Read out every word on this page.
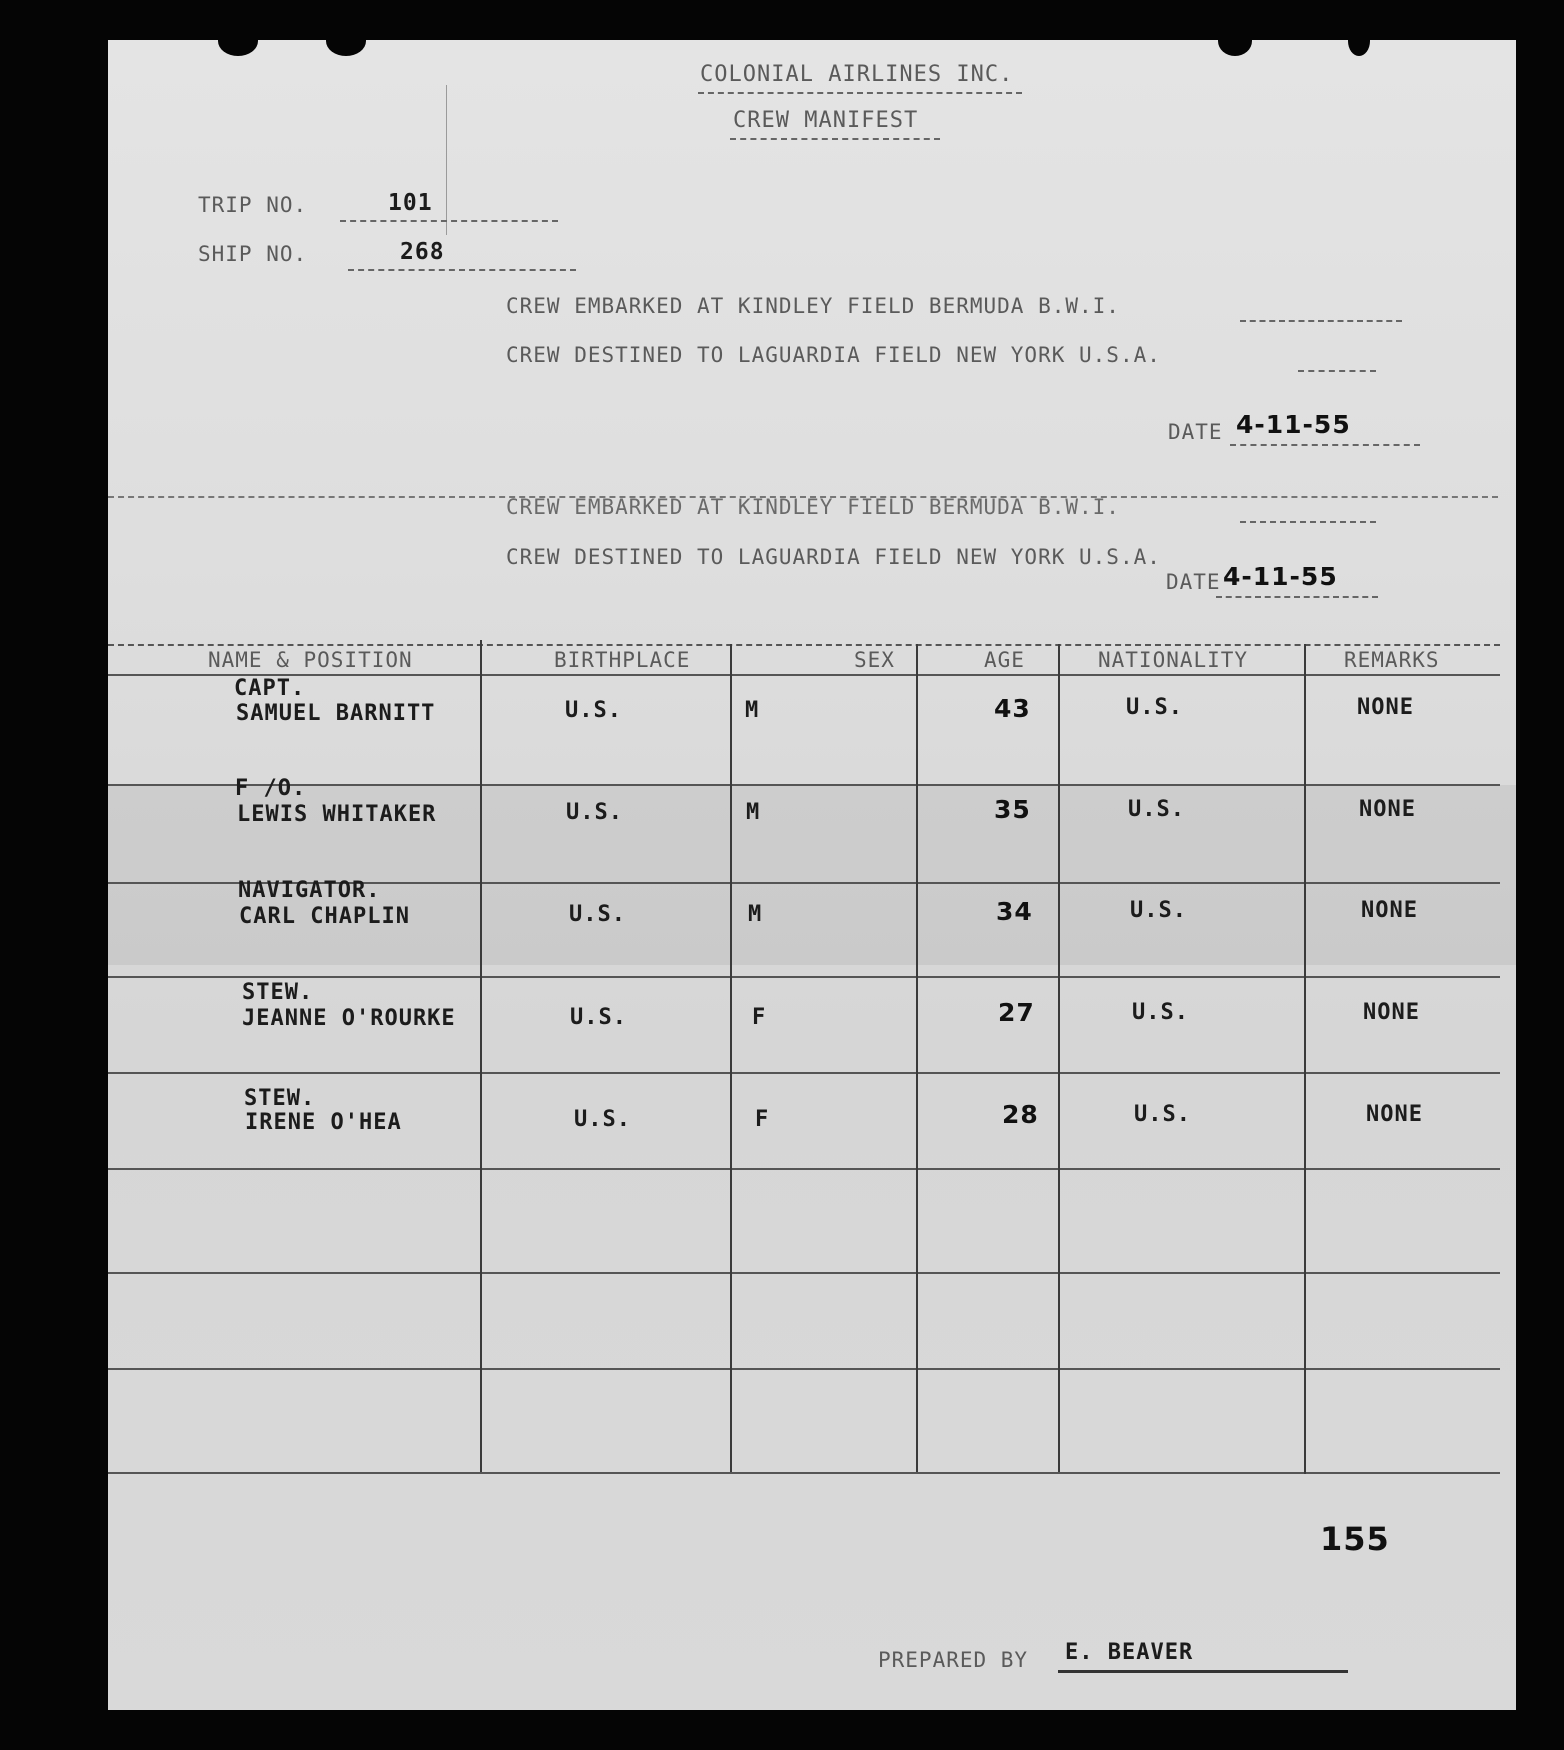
COLONIAL AIRLINES INC.
CREW MANIFEST
TRIP NO.	101
SHIP NO.	268
CREW EMBARKED AT KINDLEY FIELD BERMUDA B.W.I.
CREW DESTINED TO LAGUARDIA FIELD NEW YORK U.S.A.
DATE 4-11-55
CREW EMBARKED AT KINDLEY FIELD BERMUDA B.W.I.
CREW DESTINED TO LAGUARDIA FIELD NEW YORK U.S.A.
DATE 4-11-55
NAME & POSITION	BIRTHPLACE	SEX	AGE	NATIONALITY	REMARKS
CAPT.
SAMUEL BARNITT	U.S.	M	43	U.S.	NONE
F /O.
LEWIS WHITAKER	U.S.	M	35	U.S.	NONE
NAVIGATOR.
CARL CHAPLIN	U.S.	M	34	U.S.	NONE
STEW.
JEANNE O'ROURKE	U.S.	F	27	U.S.	NONE
STEW.
IRENE O'HEA	U.S.	F	28	U.S.	NONE
155
PREPARED BY E. BEAVER
